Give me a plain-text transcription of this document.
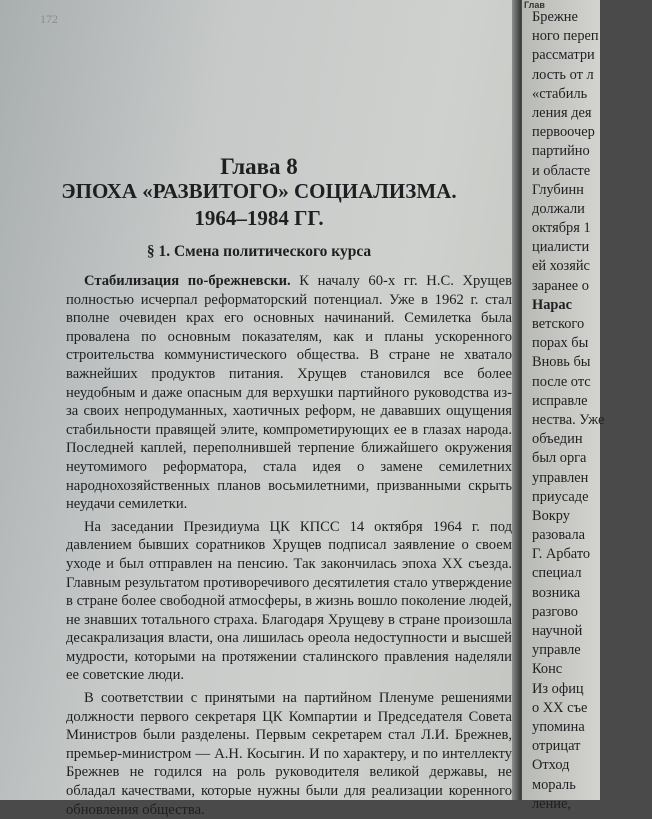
172
Глава 8
ЭПОХА «РАЗВИТОГО» СОЦИАЛИЗМА.
1964–1984 ГГ.
§ 1. Смена политического курса

Стабилизация по-брежневски. К началу 60-х гг. Н.С. Хрущев полностью исчерпал реформаторский потенциал. Уже в 1962 г. стал вполне очевиден крах его основных начинаний. Семилетка была провалена по основным показателям, как и планы ускоренного строительства коммунистического общества. В стране не хватало важнейших продуктов питания. Хрущев становился все более неудобным и даже опасным для верхушки партийного руководства из-за своих непродуманных, хаотичных реформ, не дававших ощущения стабильности правящей элите, компрометирующих ее в глазах народа. Последней каплей, переполнившей терпение ближайшего окружения неутомимого реформатора, стала идея о замене семилетних народнохозяйственных планов восьмилетними, призванными скрыть неудачи семилетки.

На заседании Президиума ЦК КПСС 14 октября 1964 г. под давлением бывших соратников Хрущев подписал заявление о своем уходе и был отправлен на пенсию. Так закончилась эпоха XX съезда. Главным результатом противоречивого десятилетия стало утверждение в стране более свободной атмосферы, в жизнь вошло поколение людей, не знавших тотального страха. Благодаря Хрущеву в стране произошла десакрализация власти, она лишилась ореола недоступности и высшей мудрости, которыми на протяжении сталинского правления наделяли ее советские люди.

В соответствии с принятыми на партийном Пленуме решениями должности первого секретаря ЦК Компартии и Председателя Совета Министров были разделены. Первым секретарем стал Л.И. Брежнев, премьер-министром — А.Н. Косыгин. И по характеру, и по интеллекту Брежнев не годился на роль руководителя великой державы, не обладал качествами, которые нужны были для реализации коренного обновления общества.

Брежне
ного переп
рассматри
лость от л
«стабиль
ления дея
первоочер
партийно
и областе
Глубинн
должали
октября 1
циалисти
ей хозяйс
заранее о
Нарас
ветского
порах бы
Вновь бы
после отс
исправле
нества. Уже
объедин
был орга
управлен
приусаде
Вокру
разовала
Г. Арбато
специал
возника
разгово
научной
управле
Конс
Из офиц
о XX съе
упомина
отрицат
Отход
мораль
лениe,
Глав
